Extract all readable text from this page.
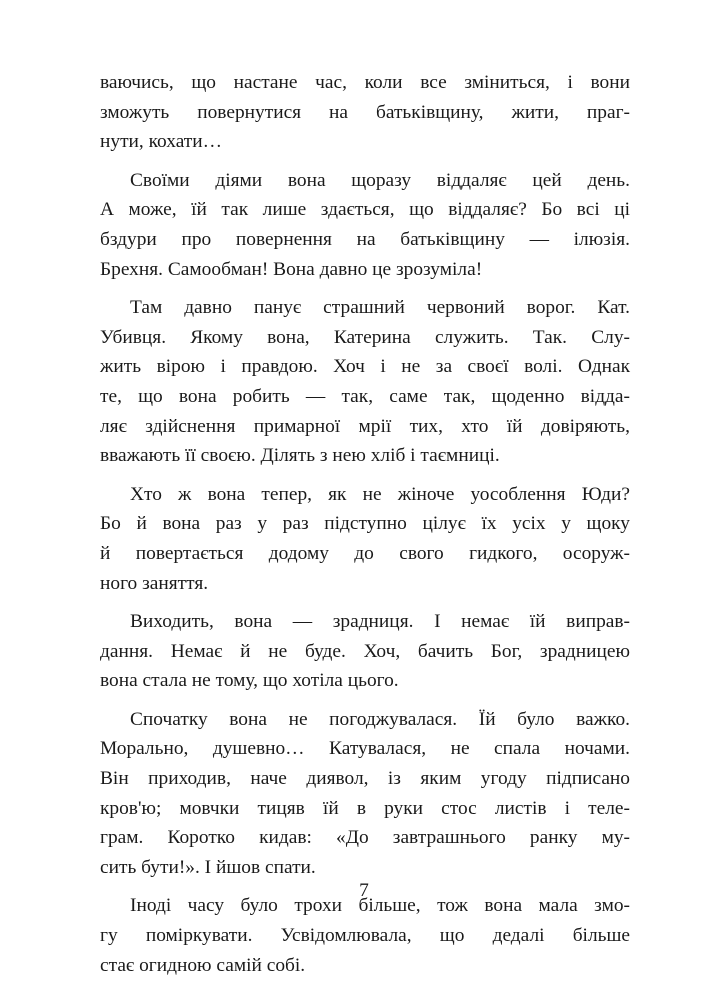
ваючись, що настане час, коли все зміниться, і вони
зможуть повернутися на батьківщину, жити, праг-
нути, кохати…
Своїми діями вона щоразу віддаляє цей день.
А може, їй так лише здається, що віддаляє? Бо всі ці
бздури про повернення на батьківщину — ілюзія.
Брехня. Самообман! Вона давно це зрозуміла!
Там давно панує страшний червоний ворог. Кат.
Убивця. Якому вона, Катерина служить. Так. Слу-
жить вірою і правдою. Хоч і не за своєї волі. Однак
те, що вона робить — так, саме так, щоденно відда-
ляє здійснення примарної мрії тих, хто їй довіряють,
вважають її своєю. Ділять з нею хліб і таємниці.
Хто ж вона тепер, як не жіноче уособлення Юди?
Бо й вона раз у раз підступно цілує їх усіх у щоку
й повертається додому до свого гидкого, осоруж-
ного заняття.
Виходить, вона — зрадниця. І немає їй виправ-
дання. Немає й не буде. Хоч, бачить Бог, зрадницею
вона стала не тому, що хотіла цього.
Спочатку вона не погоджувалася. Їй було важко.
Морально, душевно… Катувалася, не спала ночами.
Він приходив, наче диявол, із яким угоду підписано
кров'ю; мовчки тицяв їй в руки стос листів і теле-
грам. Коротко кидав: «До завтрашнього ранку му-
сить бути!». І йшов спати.
Іноді часу було трохи більше, тож вона мала змо-
гу поміркувати. Усвідомлювала, що дедалі більше
стає огидною самій собі.
7
